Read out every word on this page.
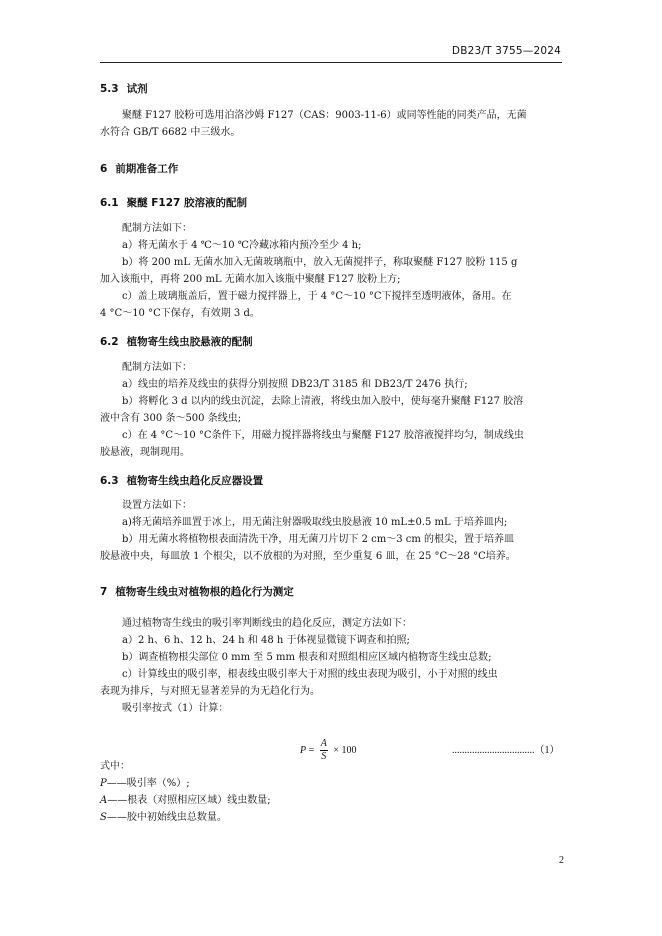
DB23/T 3755—2024
5.3 试剂
聚醚 F127 胶粉可选用泊洛沙姆 F127（CAS：9003-11-6）或同等性能的同类产品，无菌
水符合 GB/T 6682 中三级水。
6 前期准备工作
6.1 聚醚 F127 胶溶液的配制
配制方法如下：
a）将无菌水于 4 ℃～10 ℃冷藏冰箱内预冷至少 4 h;
b）将 200 mL 无菌水加入无菌玻璃瓶中，放入无菌搅拌子，称取聚醚 F127 胶粉 115 g
加入该瓶中，再将 200 mL 无菌水加入该瓶中聚醚 F127 胶粉上方;
c）盖上玻璃瓶盖后，置于磁力搅拌器上，于 4 °C～10 °C下搅拌至透明液体，备用。在
4 °C～10 °C下保存，有效期 3 d。
6.2 植物寄生线虫胶悬液的配制
配制方法如下：
a）线虫的培养及线虫的获得分别按照 DB23/T 3185 和 DB23/T 2476 执行;
b）将孵化 3 d 以内的线虫沉淀，去除上清液，将线虫加入胶中，使每毫升聚醚 F127 胶溶
液中含有 300 条～500 条线虫;
c）在 4 °C～10 °C条件下，用磁力搅拌器将线虫与聚醚 F127 胶溶液搅拌均匀，制成线虫
胶悬液，现制现用。
6.3 植物寄生线虫趋化反应器设置
设置方法如下：
a)将无菌培养皿置于冰上，用无菌注射器吸取线虫胶悬液 10 mL±0.5 mL 于培养皿内;
b）用无菌水将植物根表面清洗干净，用无菌刀片切下 2 cm～3 cm 的根尖，置于培养皿
胶悬液中央，每皿放 1 个根尖，以不放根的为对照，至少重复 6 皿，在 25 °C～28 °C培养。
7 植物寄生线虫对植物根的趋化行为测定
通过植物寄生线虫的吸引率判断线虫的趋化反应，测定方法如下：
a）2 h、6 h、12 h、24 h 和 48 h 于体视显微镜下调查和拍照;
b）调查植物根尖部位 0 mm 至 5 mm 根表和对照组相应区域内植物寄生线虫总数;
c）计算线虫的吸引率，根表线虫吸引率大于对照的线虫表现为吸引，小于对照的线虫
表现为排斥，与对照无显著差异的为无趋化行为。
吸引率按式（1）计算：
$P = \frac{A}{S} \times 100$	.................................（1）
式中：
P——吸引率（%）;
A——根表（对照相应区域）线虫数量;
S——胶中初始线虫总数量。
2
